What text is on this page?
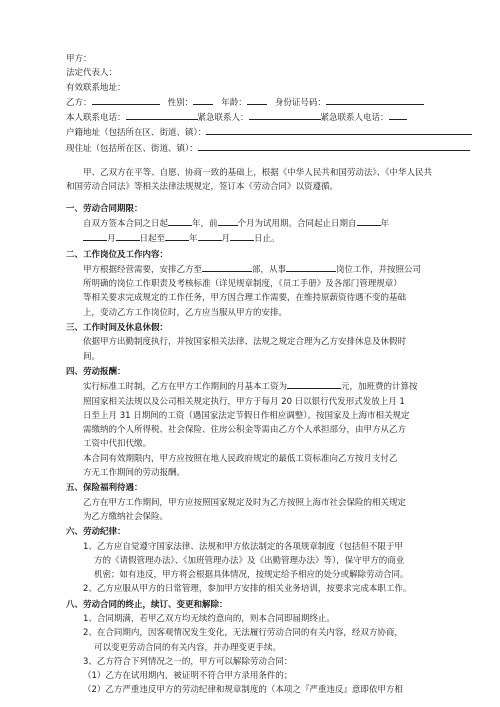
甲方：
法定代表人：
有效联系地址：
乙方：	性别：	年龄：	身份证号码：
本人联系电话：	紧急联系人：	紧急联系人电话：
户籍地址（包括所在区、街道、镇）：
现住址（包括所在区、街道、镇）：
甲、乙双方在平等、自愿、协商一致的基础上，根据《中华人民共和国劳动法》、《中华人民共和国劳动合同法》等相关法律法规规定，签订本《劳动合同》以资遵循。
一、劳动合同期限：
自双方签本合同之日起	年，前 个月为试用期。合同起止日期自	年
月	日起至	年	月	日止。
二、工作岗位及工作内容：
甲方根据经营需要，安排乙方至	部，从事	岗位工作，并按照公司
所明确的岗位工作职责及考核标准（详见规章制度，《员工手册》及各部门管理规章）
等相关要求完成规定的工作任务，甲方因合理工作需要，在维持原薪资待遇不变的基础
上，变动乙方工作岗位时，乙方应当服从甲方的安排。
三、工作时间及休息休假：
依据甲方出勤制度执行，并按国家相关法律、法规之规定合理为乙方安排休息及休假时
间。
四、劳动报酬：
实行标准工时制，乙方在甲方工作期间的月基本工资为	元，加班费的计算按
照国家相关法规以及公司相关规定执行，甲方于每月 20 日以银行代发形式发放上月 1
日至上月 31 日期间的工资（遇国家法定节假日作相应调整）。按国家及上海市相关规定
需缴纳的个人所得税、社会保险、住房公积金等需由乙方个人承担部分，由甲方从乙方
工资中代扣代缴。
本合同有效期限内，甲方应按照在地人民政府规定的最低工资标准向乙方按月支付乙
方无工作期间的劳动报酬。
五、保险福利待遇：
乙方在甲方工作期间，甲方应按照国家规定及时为乙方按照上海市社会保险的相关规定
为乙方缴纳社会保险。
六、劳动纪律：
1、乙方应自觉遵守国家法律、法规和甲方依法制定的各项规章制度（包括但不限于甲
方的《请假管理办法》、《加班管理办法》及《出勤管理办法》等），保守甲方的商业
机密；如有违反，甲方将会根据具体情况，按规定给予相应的处分或解除劳动合同。
2、乙方应服从甲方的日常管理，参加甲方安排的相关业务培训，按要求完成本职工作。
八、劳动合同的终止，续订、变更和解除：
1、合同期满，若甲乙双方均无续约意向的，则本合同即届期终止。
2、在合同期内，因客观情况发生变化，无法履行劳动合同的有关内容，经双方协商，
可以变更劳动合同的有关内容，并办理变更手续。
3、乙方符合下列情况之一的，甲方可以解除劳动合同：
（1）乙方在试用期内，被证明不符合甲方录用条件的；
（2）乙方严重违反甲方的劳动纪律和规章制度的（本项之『严重违反』意即依甲方相
